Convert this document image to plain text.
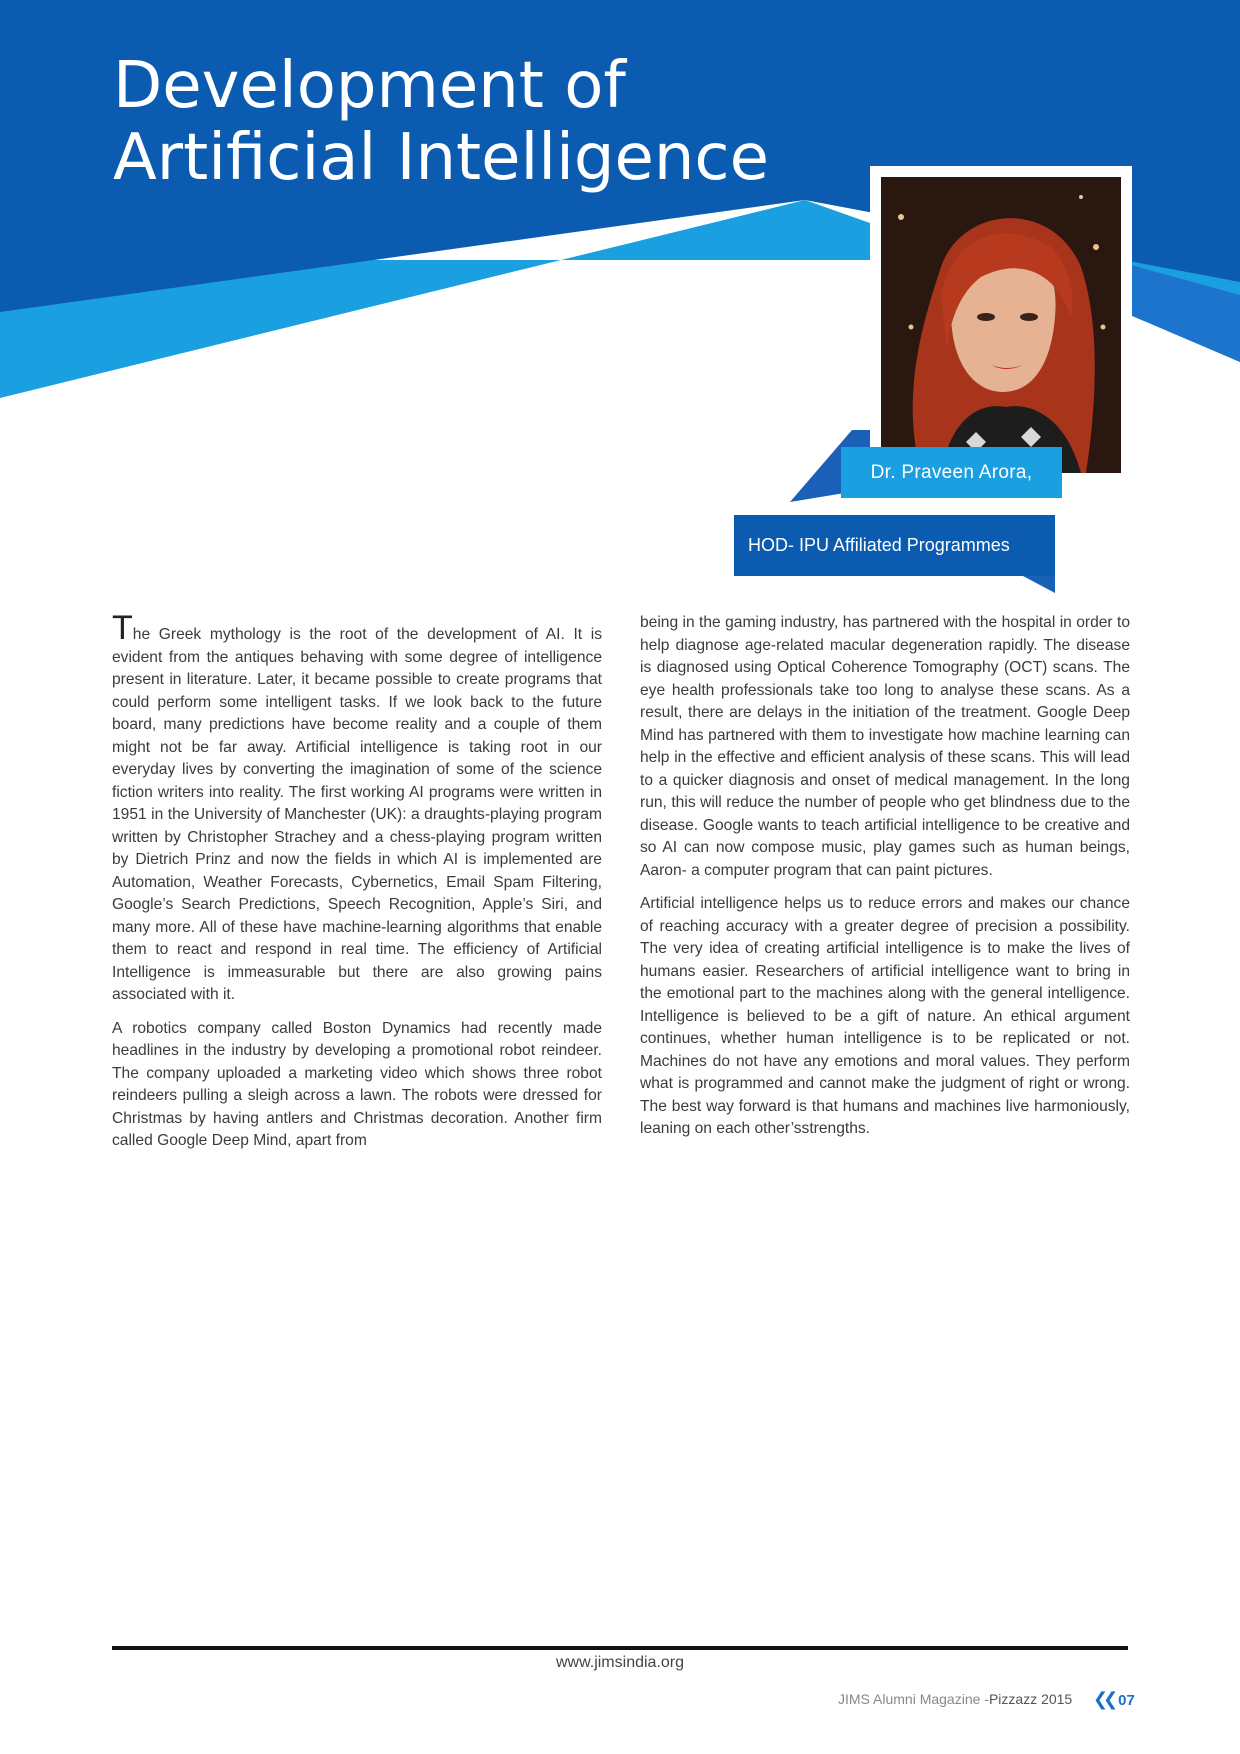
Development of Artificial Intelligence
Dr. Praveen Arora,
HOD- IPU Affiliated Programmes

The Greek mythology is the root of the development of AI. It is evident from the antiques behaving with some degree of intelligence present in literature. Later, it became possible to create programs that could perform some intelligent tasks. If we look back to the future board, many predictions have become reality and a couple of them might not be far away. Artificial intelligence is taking root in our everyday lives by converting the imagination of some of the science fiction writers into reality. The first working AI programs were written in 1951 in the University of Manchester (UK): a draughts-playing program written by Christopher Strachey and a chess-playing program written by Dietrich Prinz and now the fields in which AI is implemented are Automation, Weather Forecasts, Cybernetics, Email Spam Filtering, Google’s Search Predictions, Speech Recognition, Apple’s Siri, and many more. All of these have machine-learning algorithms that enable them to react and respond in real time. The efficiency of Artificial Intelligence is immeasurable but there are also growing pains associated with it.

A robotics company called Boston Dynamics had recently made headlines in the industry by developing a promotional robot reindeer. The company uploaded a marketing video which shows three robot reindeers pulling a sleigh across a lawn. The robots were dressed for Christmas by having antlers and Christmas decoration. Another firm called Google Deep Mind, apart from

being in the gaming industry, has partnered with the hospital in order to help diagnose age-related macular degeneration rapidly. The disease is diagnosed using Optical Coherence Tomography (OCT) scans. The eye health professionals take too long to analyse these scans. As a result, there are delays in the initiation of the treatment. Google Deep Mind has partnered with them to investigate how machine learning can help in the effective and efficient analysis of these scans. This will lead to a quicker diagnosis and onset of medical management. In the long run, this will reduce the number of people who get blindness due to the disease. Google wants to teach artificial intelligence to be creative and so AI can now compose music, play games such as human beings, Aaron- a computer program that can paint pictures.

Artificial intelligence helps us to reduce errors and makes our chance of reaching accuracy with a greater degree of precision a possibility. The very idea of creating artificial intelligence is to make the lives of humans easier. Researchers of artificial intelligence want to bring in the emotional part to the machines along with the general intelligence. Intelligence is believed to be a gift of nature. An ethical argument continues, whether human intelligence is to be replicated or not. Machines do not have any emotions and moral values. They perform what is programmed and cannot make the judgment of right or wrong. The best way forward is that humans and machines live harmoniously, leaning on each other’sstrengths.

www.jimsindia.org
JIMS Alumni Magazine -Pizzazz 2015 ❮❮ 07
